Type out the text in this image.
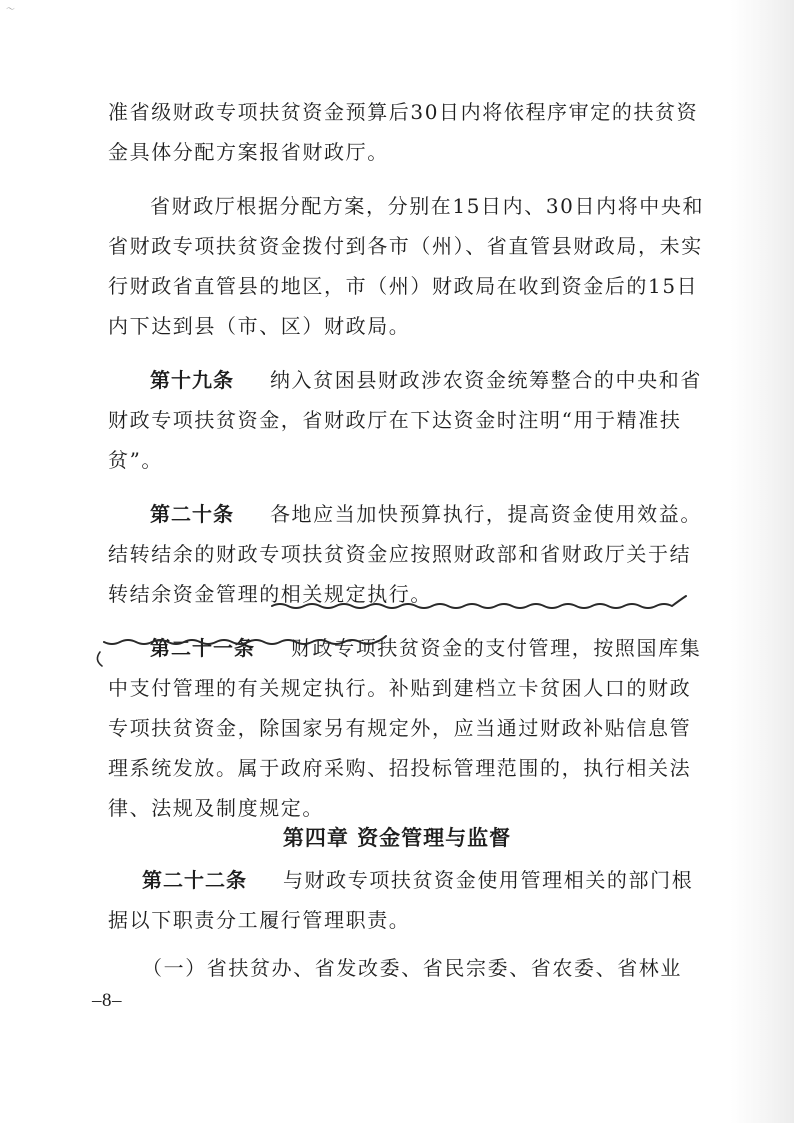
～

准省级财政专项扶贫资金预算后30日内将依程序审定的扶贫资
金具体分配方案报省财政厅。

省财政厅根据分配方案，分别在15日内、30日内将中央和
省财政专项扶贫资金拨付到各市（州）、省直管县财政局，未实
行财政省直管县的地区，市（州）财政局在收到资金后的15日
内下达到县（市、区）财政局。

第十九条 纳入贫困县财政涉农资金统筹整合的中央和省
财政专项扶贫资金，省财政厅在下达资金时注明“用于精准扶
贫”。

第二十条 各地应当加快预算执行，提高资金使用效益。
结转结余的财政专项扶贫资金应按照财政部和省财政厅关于结
转结余资金管理的相关规定执行。

第二十一条 财政专项扶贫资金的支付管理，按照国库集
中支付管理的有关规定执行。补贴到建档立卡贫困人口的财政
专项扶贫资金，除国家另有规定外，应当通过财政补贴信息管
理系统发放。属于政府采购、招投标管理范围的，执行相关法
律、法规及制度规定。

第四章 资金管理与监督

第二十二条 与财政专项扶贫资金使用管理相关的部门根
据以下职责分工履行管理职责。

（一）省扶贫办、省发改委、省民宗委、省农委、省林业

–8–
